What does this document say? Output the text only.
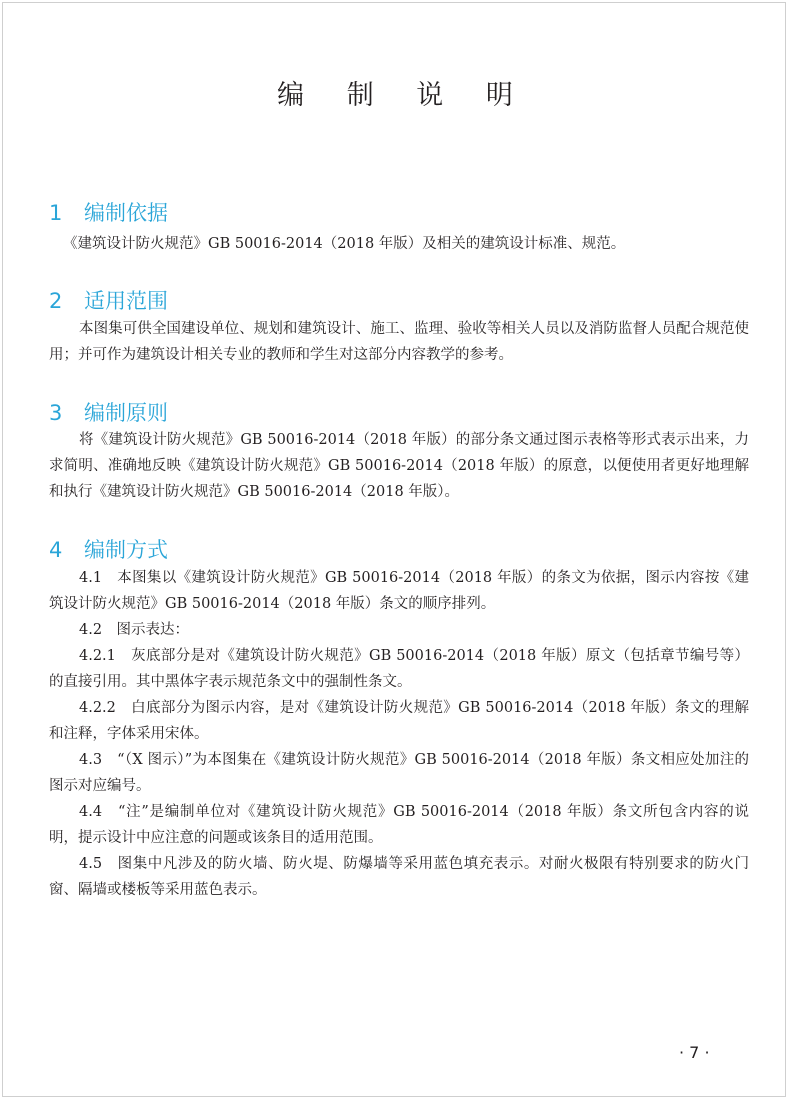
编 制 说 明
1 编制依据

《建筑设计防火规范》GB 50016-2014（2018 年版）及相关的建筑设计标准、规范。

2 适用范围

本图集可供全国建设单位、规划和建筑设计、施工、监理、验收等相关人员以及消防监督人员配合规范使用；并可作为建筑设计相关专业的教师和学生对这部分内容教学的参考。

3 编制原则

将《建筑设计防火规范》GB 50016-2014（2018 年版）的部分条文通过图示表格等形式表示出来，力求简明、准确地反映《建筑设计防火规范》GB 50016-2014（2018 年版）的原意，以便使用者更好地理解和执行《建筑设计防火规范》GB 50016-2014（2018 年版）。

4 编制方式

4.1　本图集以《建筑设计防火规范》GB 50016-2014（2018 年版）的条文为依据，图示内容按《建筑设计防火规范》GB 50016-2014（2018 年版）条文的顺序排列。

4.2　图示表达：

4.2.1　灰底部分是对《建筑设计防火规范》GB 50016-2014（2018 年版）原文（包括章节编号等）的直接引用。其中黑体字表示规范条文中的强制性条文。

4.2.2　白底部分为图示内容，是对《建筑设计防火规范》GB 50016-2014（2018 年版）条文的理解和注释，字体采用宋体。

4.3　“（X 图示）”为本图集在《建筑设计防火规范》GB 50016-2014（2018 年版）条文相应处加注的图示对应编号。

4.4　“注”是编制单位对《建筑设计防火规范》GB 50016-2014（2018 年版）条文所包含内容的说明，提示设计中应注意的问题或该条目的适用范围。

4.5　图集中凡涉及的防火墙、防火堤、防爆墙等采用蓝色填充表示。对耐火极限有特别要求的防火门窗、隔墙或楼板等采用蓝色表示。

· 7 ·
